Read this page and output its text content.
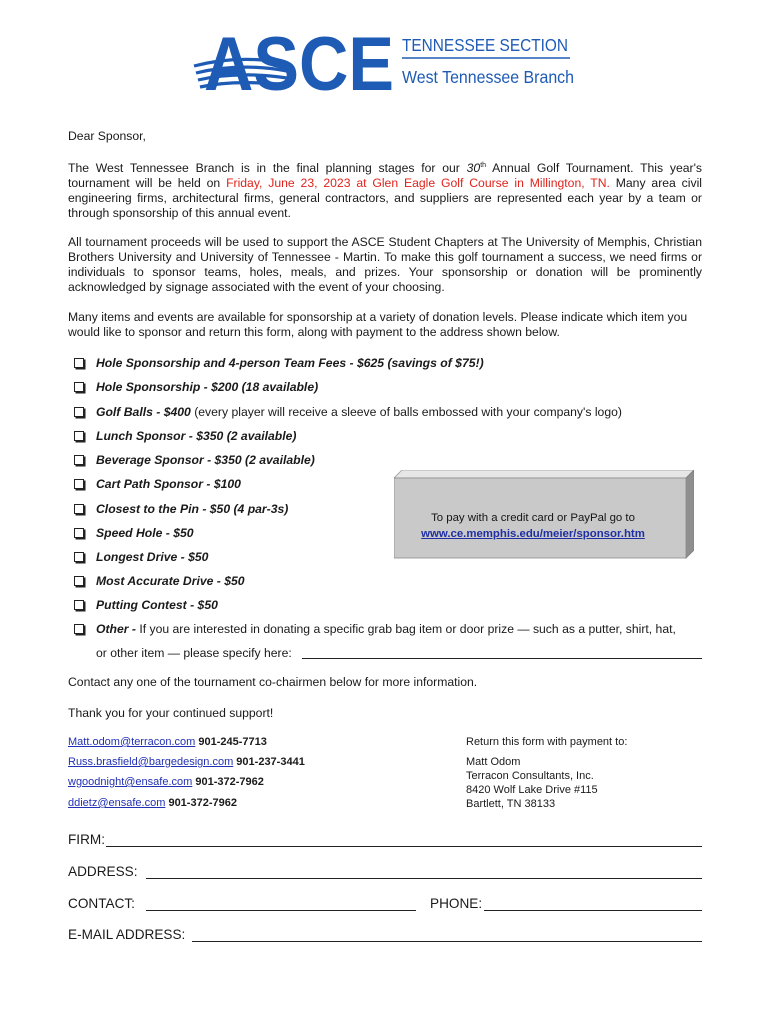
ASCE TENNESSEE SECTION
West Tennessee Branch
Dear Sponsor,
The West Tennessee Branch is in the final planning stages for our 30th Annual Golf Tournament. This year's tournament will be held on Friday, June 23, 2023 at Glen Eagle Golf Course in Millington, TN. Many area civil engineering firms, architectural firms, general contractors, and suppliers are represented each year by a team or through sponsorship of this annual event.
All tournament proceeds will be used to support the ASCE Student Chapters at The University of Memphis, Christian Brothers University and University of Tennessee - Martin. To make this golf tournament a success, we need firms or individuals to sponsor teams, holes, meals, and prizes. Your sponsorship or donation will be prominently acknowledged by signage associated with the event of your choosing.
Many items and events are available for sponsorship at a variety of donation levels. Please indicate which item you would like to sponsor and return this form, along with payment to the address shown below.
Hole Sponsorship and 4-person Team Fees - $625 (savings of $75!)
Hole Sponsorship - $200 (18 available)
Golf Balls - $400 (every player will receive a sleeve of balls embossed with your company's logo)
Lunch Sponsor - $350 (2 available)
Beverage Sponsor - $350 (2 available)
Cart Path Sponsor - $100
Closest to the Pin - $50 (4 par-3s)
Speed Hole - $50
Longest Drive - $50
Most Accurate Drive - $50
Putting Contest - $50
Other - If you are interested in donating a specific grab bag item or door prize — such as a putter, shirt, hat,
or other item — please specify here:
To pay with a credit card or PayPal go to
www.ce.memphis.edu/meier/sponsor.htm
Contact any one of the tournament co-chairmen below for more information.
Thank you for your continued support!
Matt.odom@terracon.com 901-245-7713
Russ.brasfield@bargedesign.com 901-237-3441
wgoodnight@ensafe.com 901-372-7962
ddietz@ensafe.com 901-372-7962
Return this form with payment to:
Matt Odom
Terracon Consultants, Inc.
8420 Wolf Lake Drive #115
Bartlett, TN 38133
FIRM:
ADDRESS:
CONTACT:	PHONE:
E-MAIL ADDRESS:
